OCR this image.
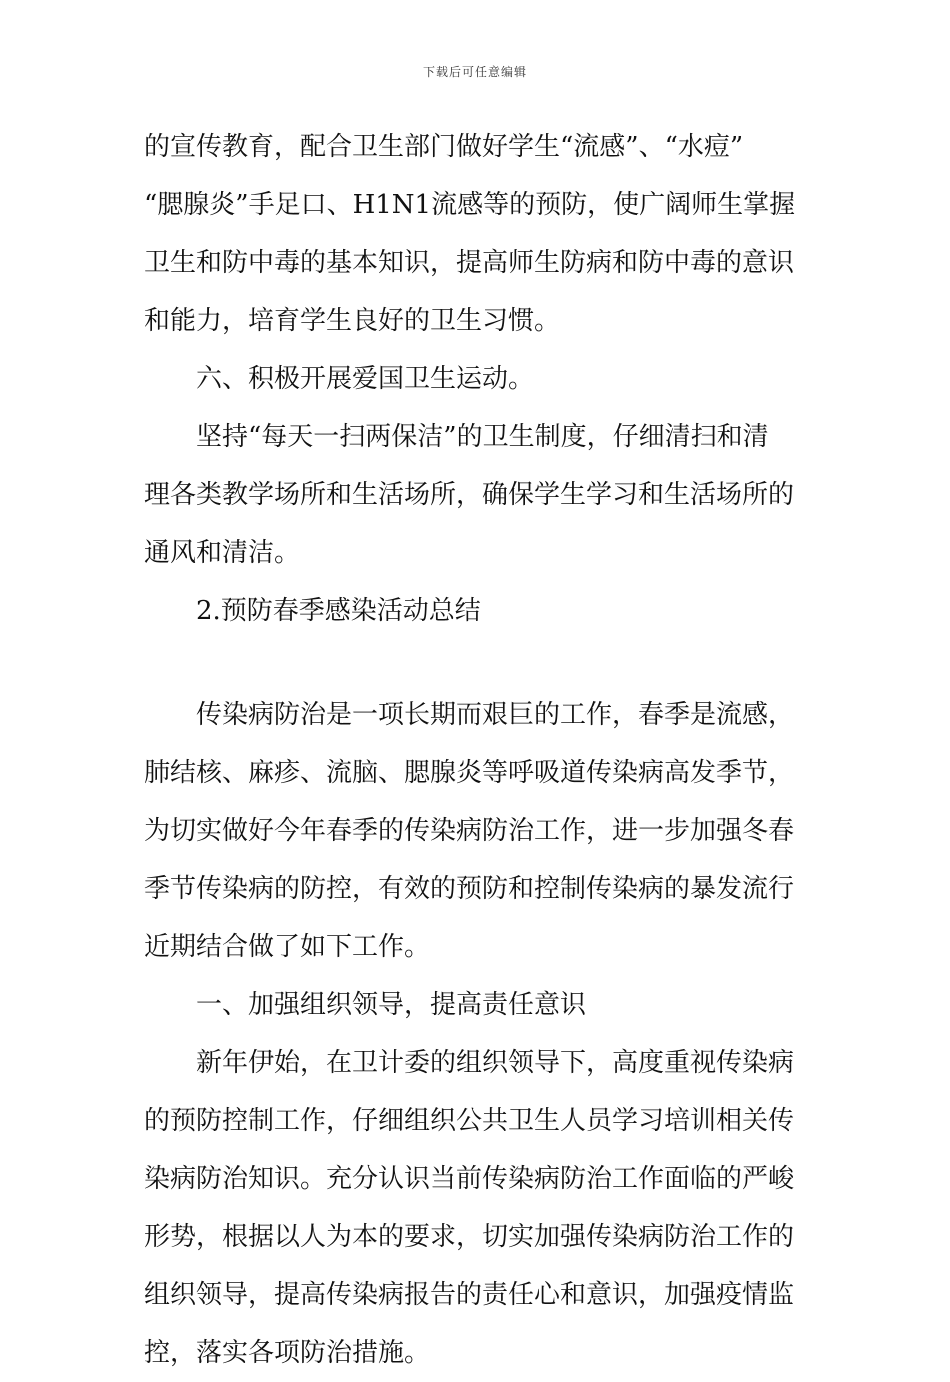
下载后可任意编辑
的宣传教育，配合卫生部门做好学生“流感”、“水痘”
“腮腺炎”手足口、H1N1流感等的预防，使广阔师生掌握
卫生和防中毒的基本知识，提高师生防病和防中毒的意识
和能力，培育学生良好的卫生习惯。
六、积极开展爱国卫生运动。
坚持“每天一扫两保洁”的卫生制度，仔细清扫和清
理各类教学场所和生活场所，确保学生学习和生活场所的
通风和清洁。
2.预防春季感染活动总结
传染病防治是一项长期而艰巨的工作，春季是流感，
肺结核、麻疹、流脑、腮腺炎等呼吸道传染病高发季节，
为切实做好今年春季的传染病防治工作，进一步加强冬春
季节传染病的防控，有效的预防和控制传染病的暴发流行
近期结合做了如下工作。
一、加强组织领导，提高责任意识
新年伊始，在卫计委的组织领导下，高度重视传染病
的预防控制工作，仔细组织公共卫生人员学习培训相关传
染病防治知识。充分认识当前传染病防治工作面临的严峻
形势，根据以人为本的要求，切实加强传染病防治工作的
组织领导，提高传染病报告的责任心和意识，加强疫情监
控，落实各项防治措施。
